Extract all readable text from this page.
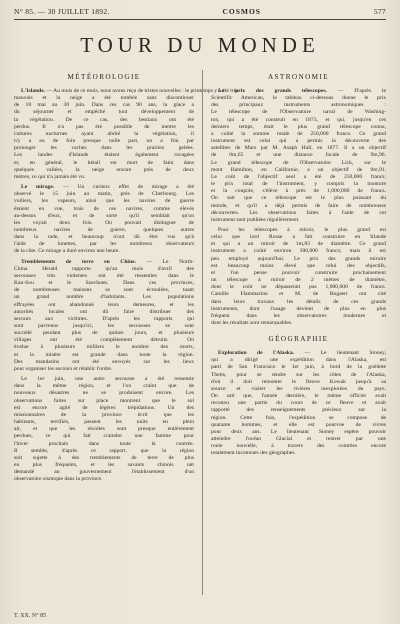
N° 85. — 30 JUILLET 1892.	COSMOS	577
TOUR DU MONDE
MÉTÉOROLOGIE
L'Islande. — Au mois de ce mois, nous avons reçu de tristes nouvelles : le printemps y a été très
mauvais et la neige a été tombée sans discontinuer
de 18 mai au 30 juin. Dans ces cas 90 ans, la glace a
du séjourner et empêché tout développement de
la végétation. De ce cas, des bestiaux ont été
perdus. Il n'a pas été possible de mettre les
cultures nocturnes ayant abrité la végétation, il
n'y a eu de foin presque nulle part, on a fini par
prolonger les vaches dans les prairies gelées.
Les landes d'Islande étaient également ravagées
et, en général, le bétail est mort de faim dans
quelques vallées, la neige encore près de deux
mètres, ce qui n'a jamais été vu.
Le mirage. — Un curieux effet de mirage a été
observé le 15 juin au matin, près de Cherbourg. Les
voiliers, les vapeurs, ainsi que les navires de guerre
étaient en vue, trois de ces navires, comme élevés
au-dessus d'eux, et de sorte qu'il semblait qu'on
les voyait deux fois. On pouvait distinguer de
nombreux navires de guerre, quelques autres
dans la rade, et beaucoup n'ont dû être vus qu'à
l'aide de lunettes, par les nombreux observateurs
de la côte. Ce mirage a duré environ une heure.
Tremblements de terre en Chine. — Le North-
China Herald rapporte qu'au mois d'avril des
secousses très violentes ont été ressenties dans le
Kan-Sou et le Szechuen. Dans ces provinces,
de nombreuses maisons se sont écroulées, tuant
un grand nombre d'habitants. Les populations
effrayées ont abandonné leurs demeures, et les
autorités locales ont dû faire distribuer des
secours aux victimes. D'après les rapports qui
sont parvenus jusqu'ici, les secousses se sont
succédé pendant plus de quinze jours, et plusieurs
villages ont été complètement détruits. On
évalue à plusieurs milliers le nombre des morts,
et la misère est grande dans toute la région.
Des mandarins ont été envoyés sur les lieux
pour organiser les secours et rétablir l'ordre.
Le 1er juin, une autre secousse a été ressentie
dans la même région, et l'on craint que de
nouveaux désastres ne se produisent encore. Les
observations faites sur place montrent que le sol
est encore agité de légères trépidations. Un des
missionnaires de la province écrit que les
habitants, terrifiés, passent les nuits en plein
air, et que les récoltes sont presque entièrement
perdues, ce qui fait craindre une famine pour
l'hiver prochain dans toute la contrée.
Il semble, d'après ce rapport, que la région
soit sujette à des tremblements de terre de plus
en plus fréquents, et les savants chinois ont
demandé au gouvernement l'établissement d'un
observatoire sismique dans la province.
ASTRONOMIE
Le prix des grands télescopes. — D'après le
Scientific American, le tableau ci-dessous donne le prix
des principaux instruments astronomiques :
Le télescope de l'Observatoire naval de Washing-
ton, qui a été construit en 1873, et qui, jusqu'en ces
derniers temps, était le plus grand télescope connu,
a coûté la somme totale de 250,000 francs. Ce grand
instrument est celui qui a permis la découverte des
satellites de Mars par M. Asaph Hall, en 1877. Il a un objectif
de 0m,65 et une distance focale de 9m,96.
Le grand télescope de l'Observatoire Lick, sur le
mont Hamilton, en Californie, a un objectif de 0m,91.
Le coût de l'objectif seul a été de 250,000 francs;
le prix total de l'instrument, y compris la monture
et la coupole, s'élève à près de 1,000,000 de francs.
On sait que ce télescope est le plus puissant du
monde, et qu'il a déjà permis de faire de nombreuses
découvertes. Les observations faites à l'aide de cet
instrument sont publiées régulièrement.
Pour les télescopes à miroir, le plus grand est
celui que lord Rosse a fait construire en Irlande
et qui a un miroir de 1m,83 de diamètre. Ce grand
instrument a coûté environ 300,000 francs; mais il est
peu employé aujourd'hui. Le prix des grands miroirs
est beaucoup moins élevé que celui des objectifs,
et l'on pense pouvoir construire prochainement
un télescope à miroir de 2 mètres de diamètre,
dont le coût ne dépasserait pas 1,000,000 de francs.
Camille Flammarion et M. de Bogaert ont cité
dans leurs travaux les détails de ces grands
instruments, dont l'usage devient de plus en plus
fréquent dans les observatoires modernes et
dont les résultats sont remarquables.
GÉOGRAPHIE
Exploration de l'Alaska. — Le lieutenant Stoney,
qui a dirigé une expédition dans l'Alaska, est
parti de San Francisco le 1er juin, à bord de la goélette
Thetis, pour se rendre sur les côtes de l'Alaska,
d'où il doit remonter le fleuve Kowak jusqu'à sa
source et visiter les rivières inexplorées du pays.
On sait que, l'année dernière, le même officier avait
reconnu une partie du cours de ce fleuve et avait
rapporté des renseignements précieux sur la
région. Cette fois, l'expédition se compose de
quarante hommes, et elle est pourvue de vivres
pour deux ans. Le lieutenant Stoney espère pouvoir
atteindre l'océan Glacial et rentrer par une
route nouvelle, à travers des contrées encore
totalement inconnues des géographes.
T. XX. N° 85
